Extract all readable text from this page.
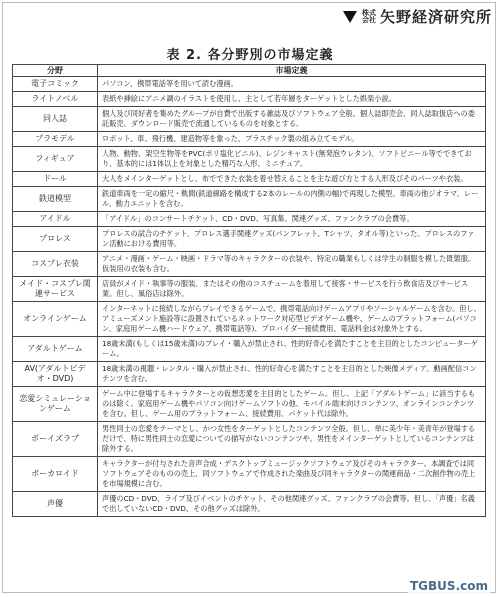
株式会社 矢野経済研究所
表 2. 各分野別の市場定義
分野	市場定義
電子コミック	パソコン、携帯電話等を用いて読む漫画。
ライトノベル	表紙や挿絵にアニメ調のイラストを使用し、主として若年層をターゲットとした娯楽小説。
同人誌	個人及び同好者を集めたグループが自費で出版する雑誌及びソフトウェア全般。個人誌即売会、同人誌取扱店への委託販売、ダウンロード販売で流通しているものを対象とする。
プラモデル	ロボット、車、飛行機、建造物等を象った、プラスチック製の組み立てモデル。
フィギュア	人物、動物、架空生物等をPVC(ポリ塩化ビニル)、レジンキャスト(無発泡ウレタン)、ソフトビニール等でできており、基本的には1体以上を対象とした精巧な人形、ミニチュア。
ドール	大人をメインターゲットとし、布でできた衣装を着せ替えることを主な遊び方とする人形及びそのパーツや衣装。
鉄道模型	鉄道車両を一定の縮尺・軌間(鉄道線路を構成する2本のレールの内側の幅)で再現した模型。車両の他ジオラマ、レール、動力ユニットを含む。
アイドル	「アイドル」のコンサートチケット、CD・DVD、写真集、関連グッズ、ファンクラブの会費等。
プロレス	プロレスの試合のチケット、プロレス選手関連グッズ(パンフレット、Tシャツ、タオル等)といった、プロレスのファン活動における費用等。
コスプレ衣装	アニメ・漫画・ゲーム・映画・ドラマ等のキャラクターの衣装や、特定の職業もしくは学生の制服を模した既製服。仮装用の衣装も含む。
メイド・コスプレ関連サービス	店員がメイド・執事等の服装、またはその他のコスチュームを着用して接客・サービスを行う飲食店及びサービス業。但し、風俗店は除外。
オンラインゲーム	インターネットに接続しながらプレイできるゲームで、携帯電話向けゲームアプリやソーシャルゲームを含む。但し、アミューズメント施設等に設置されているネットワーク対応型ビデオゲーム機や、ゲームのプラットフォーム(パソコン、家庭用ゲーム機ハードウェア、携帯電話等)、プロバイダー接続費用、電話料金は対象外とする。
アダルトゲーム	18歳未満(もしくは15歳未満)のプレイ・購入が禁止され、性的好奇心を満たすことを主目的としたコンピューターゲーム。
AV(アダルトビデオ・DVD)	18歳未満の視聴・レンタル・購入が禁止され、性的好奇心を満たすことを主目的とした映像メディア。動画配信コンテンツを含む。
恋愛シミュレーションゲーム	ゲーム中に登場するキャラクターとの仮想恋愛を主目的としたゲーム。但し、上記「アダルトゲーム」に該当するものは除く。家庭用ゲーム機やパソコン向けゲームソフトの他、モバイル端末向けコンテンツ、オンラインコンテンツを含む。但し、ゲーム用のプラットフォーム、接続費用、パケット代は除外。
ボーイズラブ	男性同士の恋愛をテーマとし、かつ女性をターゲットとしたコンテンツ全般。但し、単に美少年・美青年が登場するだけで、特に男性同士の恋愛についての描写がないコンテンツや、男性をメインターゲットとしているコンテンツは除外する。
ボーカロイド	キャラクターが付与された音声合成・デスクトップミュージックソフトウェア及びそのキャラクター。本調査では同ソフトウェアそのものの売上、同ソフトウェアで作成された楽曲及び同キャラクターの関連商品・二次創作物の売上を市場規模に含む。
声優	声優のCD・DVD、ライブ及びイベントのチケット、その他関連グッズ、ファンクラブの会費等。但し、「声優」名義で出していないCD・DVD、その他グッズは除外。
TGBUS.com
